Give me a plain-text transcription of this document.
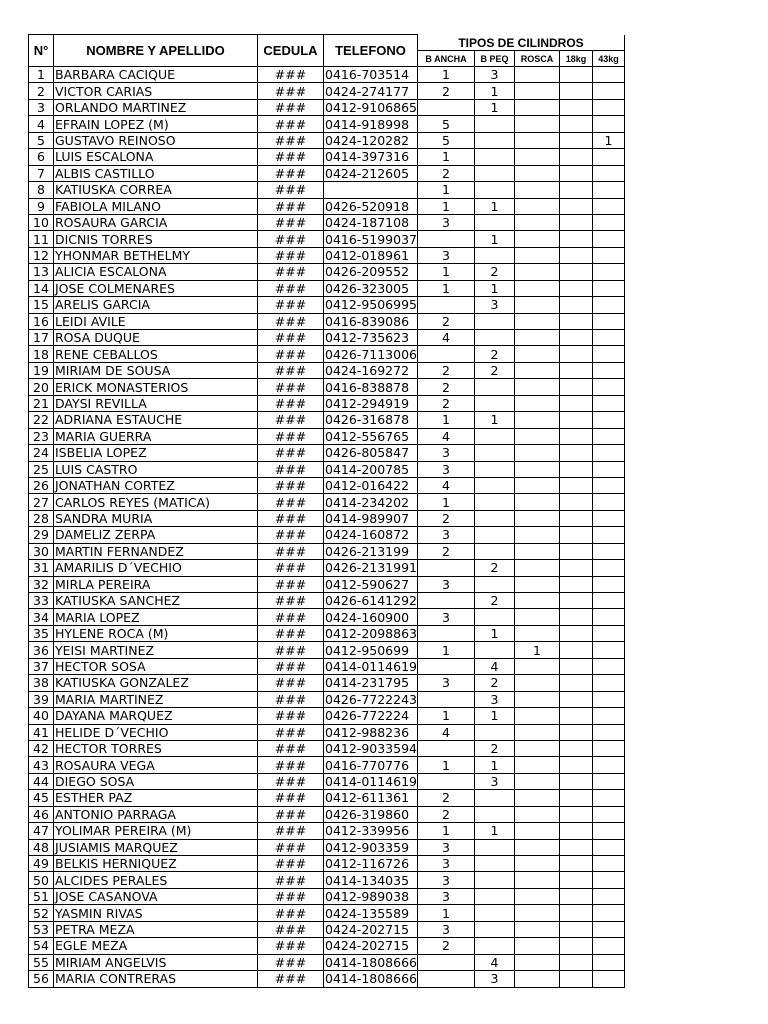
N°	NOMBRE Y APELLIDO	CEDULA	TELEFONO	TIPOS DE CILINDROS				
				B ANCHA	B PEQ	ROSCA	18kg	43kg
1	BARBARA CACIQUE	###	0416-703514	1	3			
2	VICTOR CARIAS	###	0424-274177	2	1			
3	ORLANDO MARTINEZ	###	0412-9106865		1			
4	EFRAIN LOPEZ (M)	###	0414-918998	5				
5	GUSTAVO REINOSO	###	0424-120282	5				1
6	LUIS ESCALONA	###	0414-397316	1				
7	ALBIS CASTILLO	###	0424-212605	2				
8	KATIUSKA CORREA	###		1				
9	FABIOLA MILANO	###	0426-520918	1	1			
10	ROSAURA GARCIA	###	0424-187108	3				
11	DICNIS TORRES	###	0416-5199037		1			
12	YHONMAR BETHELMY	###	0412-018961	3				
13	ALICIA ESCALONA	###	0426-209552	1	2			
14	JOSE COLMENARES	###	0426-323005	1	1			
15	ARELIS GARCIA	###	0412-9506995		3			
16	LEIDI AVILE	###	0416-839086	2				
17	ROSA DUQUE	###	0412-735623	4				
18	RENE CEBALLOS	###	0426-7113006		2			
19	MIRIAM DE SOUSA	###	0424-169272	2	2			
20	ERICK MONASTERIOS	###	0416-838878	2				
21	DAYSI REVILLA	###	0412-294919	2				
22	ADRIANA ESTAUCHE	###	0426-316878	1	1			
23	MARIA GUERRA	###	0412-556765	4				
24	ISBELIA LOPEZ	###	0426-805847	3				
25	LUIS CASTRO	###	0414-200785	3				
26	JONATHAN CORTEZ	###	0412-016422	4				
27	CARLOS REYES (MATICA)	###	0414-234202	1				
28	SANDRA MURIA	###	0414-989907	2				
29	DAMELIZ ZERPA	###	0424-160872	3				
30	MARTIN FERNANDEZ	###	0426-213199	2				
31	AMARILIS D´VECHIO	###	0426-2131991		2			
32	MIRLA PEREIRA	###	0412-590627	3				
33	KATIUSKA SANCHEZ	###	0426-6141292		2			
34	MARIA LOPEZ	###	0424-160900	3				
35	HYLENE ROCA (M)	###	0412-2098863		1			
36	YEISI MARTINEZ	###	0412-950699	1		1		
37	HECTOR SOSA	###	0414-0114619		4			
38	KATIUSKA GONZALEZ	###	0414-231795	3	2			
39	MARIA MARTINEZ	###	0426-7722243		3			
40	DAYANA MARQUEZ	###	0426-772224	1	1			
41	HELIDE D´VECHIO	###	0412-988236	4				
42	HECTOR TORRES	###	0412-9033594		2			
43	ROSAURA VEGA	###	0416-770776	1	1			
44	DIEGO SOSA	###	0414-0114619		3			
45	ESTHER PAZ	###	0412-611361	2				
46	ANTONIO PARRAGA	###	0426-319860	2				
47	YOLIMAR PEREIRA (M)	###	0412-339956	1	1			
48	JUSIAMIS MARQUEZ	###	0412-903359	3				
49	BELKIS HERNIQUEZ	###	0412-116726	3				
50	ALCIDES PERALES	###	0414-134035	3				
51	JOSE CASANOVA	###	0412-989038	3				
52	YASMIN RIVAS	###	0424-135589	1				
53	PETRA MEZA	###	0424-202715	3				
54	EGLE MEZA	###	0424-202715	2				
55	MIRIAM ANGELVIS	###	0414-1808666		4			
56	MARIA CONTRERAS	###	0414-1808666		3			
